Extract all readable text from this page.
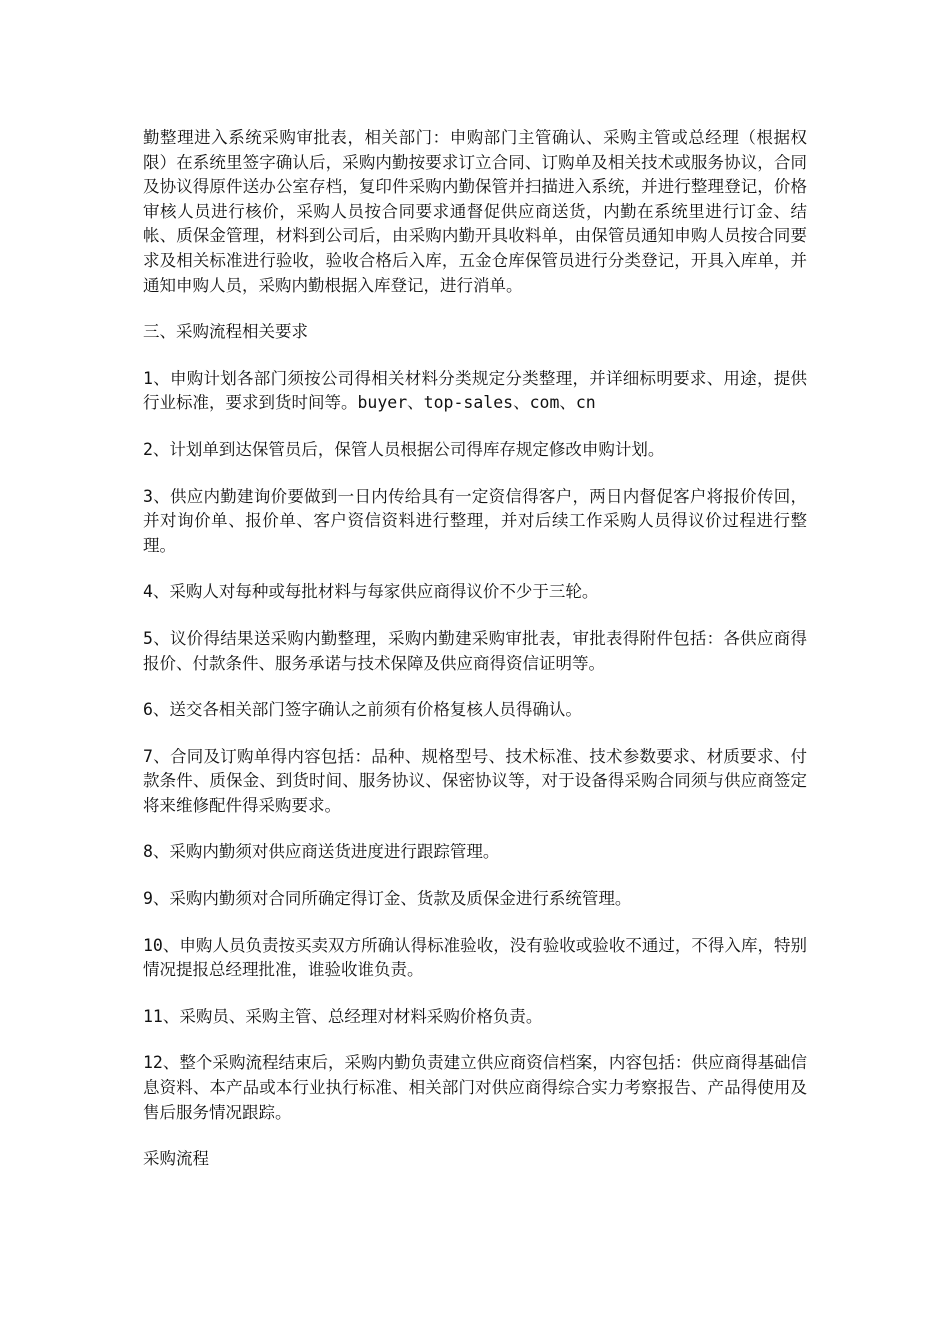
勤整理进入系统采购审批表，相关部门：申购部门主管确认、采购主管或总经理（根据权限）在系统里签字确认后，采购内勤按要求订立合同、订购单及相关技术或服务协议，合同及协议得原件送办公室存档，复印件采购内勤保管并扫描进入系统，并进行整理登记，价格审核人员进行核价，采购人员按合同要求通督促供应商送货，内勤在系统里进行订金、结帐、质保金管理，材料到公司后，由采购内勤开具收料单，由保管员通知申购人员按合同要求及相关标准进行验收，验收合格后入库，五金仓库保管员进行分类登记，开具入库单，并通知申购人员，采购内勤根据入库登记，进行消单。

三、采购流程相关要求

1、申购计划各部门须按公司得相关材料分类规定分类整理，并详细标明要求、用途，提供行业标准，要求到货时间等。buyer、top-sales、com、cn

2、计划单到达保管员后，保管人员根据公司得库存规定修改申购计划。

3、供应内勤建询价要做到一日内传给具有一定资信得客户，两日内督促客户将报价传回，并对询价单、报价单、客户资信资料进行整理，并对后续工作采购人员得议价过程进行整理。

4、采购人对每种或每批材料与每家供应商得议价不少于三轮。

5、议价得结果送采购内勤整理，采购内勤建采购审批表，审批表得附件包括：各供应商得报价、付款条件、服务承诺与技术保障及供应商得资信证明等。

6、送交各相关部门签字确认之前须有价格复核人员得确认。

7、合同及订购单得内容包括：品种、规格型号、技术标准、技术参数要求、材质要求、付款条件、质保金、到货时间、服务协议、保密协议等，对于设备得采购合同须与供应商签定将来维修配件得采购要求。

8、采购内勤须对供应商送货进度进行跟踪管理。

9、采购内勤须对合同所确定得订金、货款及质保金进行系统管理。

10、申购人员负责按买卖双方所确认得标准验收，没有验收或验收不通过，不得入库，特别情况提报总经理批准，谁验收谁负责。

11、采购员、采购主管、总经理对材料采购价格负责。

12、整个采购流程结束后，采购内勤负责建立供应商资信档案，内容包括：供应商得基础信息资料、本产品或本行业执行标准、相关部门对供应商得综合实力考察报告、产品得使用及售后服务情况跟踪。

采购流程
